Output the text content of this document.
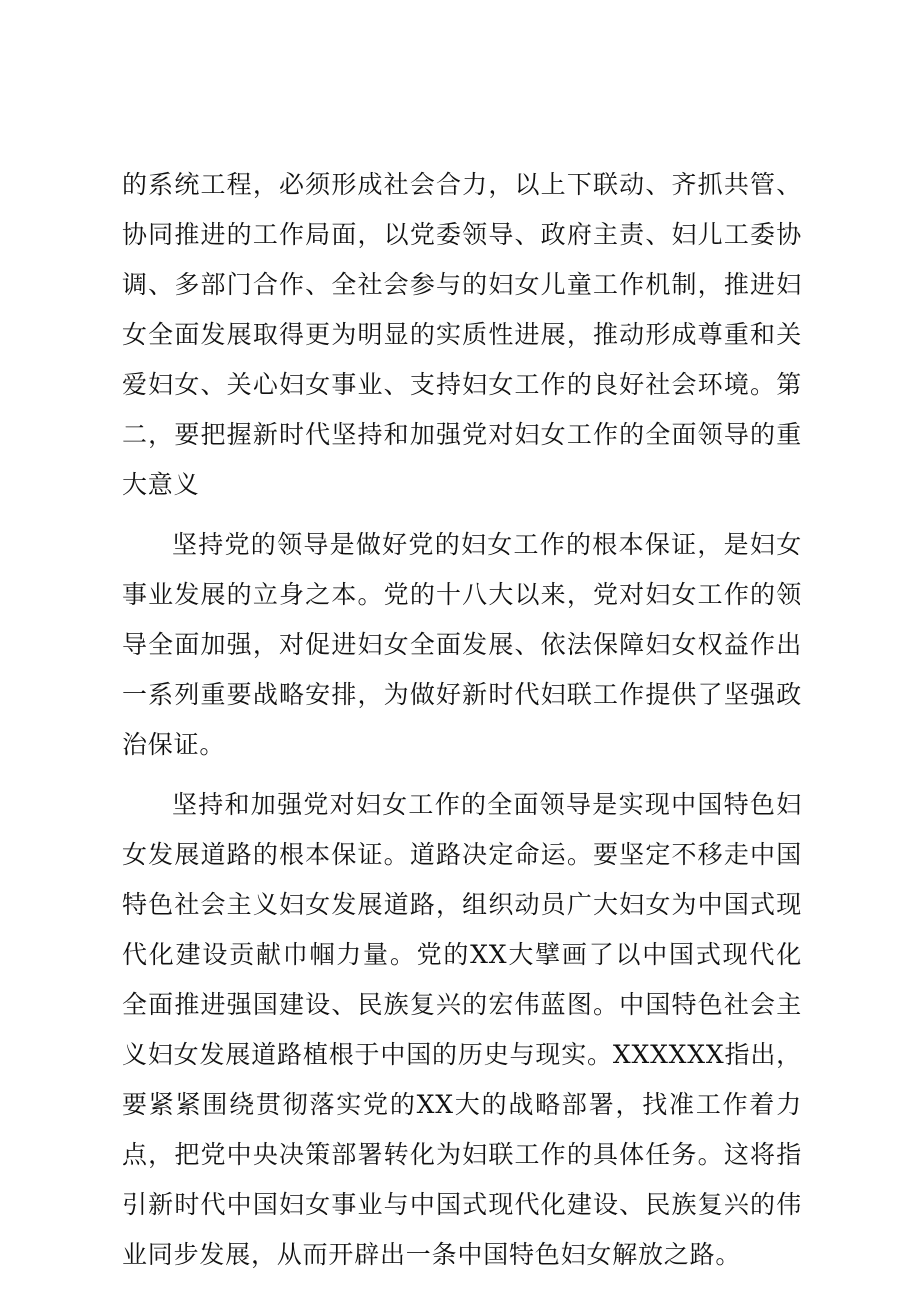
的系统工程，必须形成社会合力，以上下联动、齐抓共管、协同推进的工作局面，以党委领导、政府主责、妇儿工委协调、多部门合作、全社会参与的妇女儿童工作机制，推进妇女全面发展取得更为明显的实质性进展，推动形成尊重和关爱妇女、关心妇女事业、支持妇女工作的良好社会环境。第二，要把握新时代坚持和加强党对妇女工作的全面领导的重大意义

坚持党的领导是做好党的妇女工作的根本保证，是妇女事业发展的立身之本。党的十八大以来，党对妇女工作的领导全面加强，对促进妇女全面发展、依法保障妇女权益作出一系列重要战略安排，为做好新时代妇联工作提供了坚强政治保证。

坚持和加强党对妇女工作的全面领导是实现中国特色妇女发展道路的根本保证。道路决定命运。要坚定不移走中国特色社会主义妇女发展道路，组织动员广大妇女为中国式现代化建设贡献巾帼力量。党的XX大擘画了以中国式现代化全面推进强国建设、民族复兴的宏伟蓝图。中国特色社会主义妇女发展道路植根于中国的历史与现实。XXXXXX指出，要紧紧围绕贯彻落实党的XX大的战略部署，找准工作着力点，把党中央决策部署转化为妇联工作的具体任务。这将指引新时代中国妇女事业与中国式现代化建设、民族复兴的伟业同步发展，从而开辟出一条中国特色妇女解放之路。
